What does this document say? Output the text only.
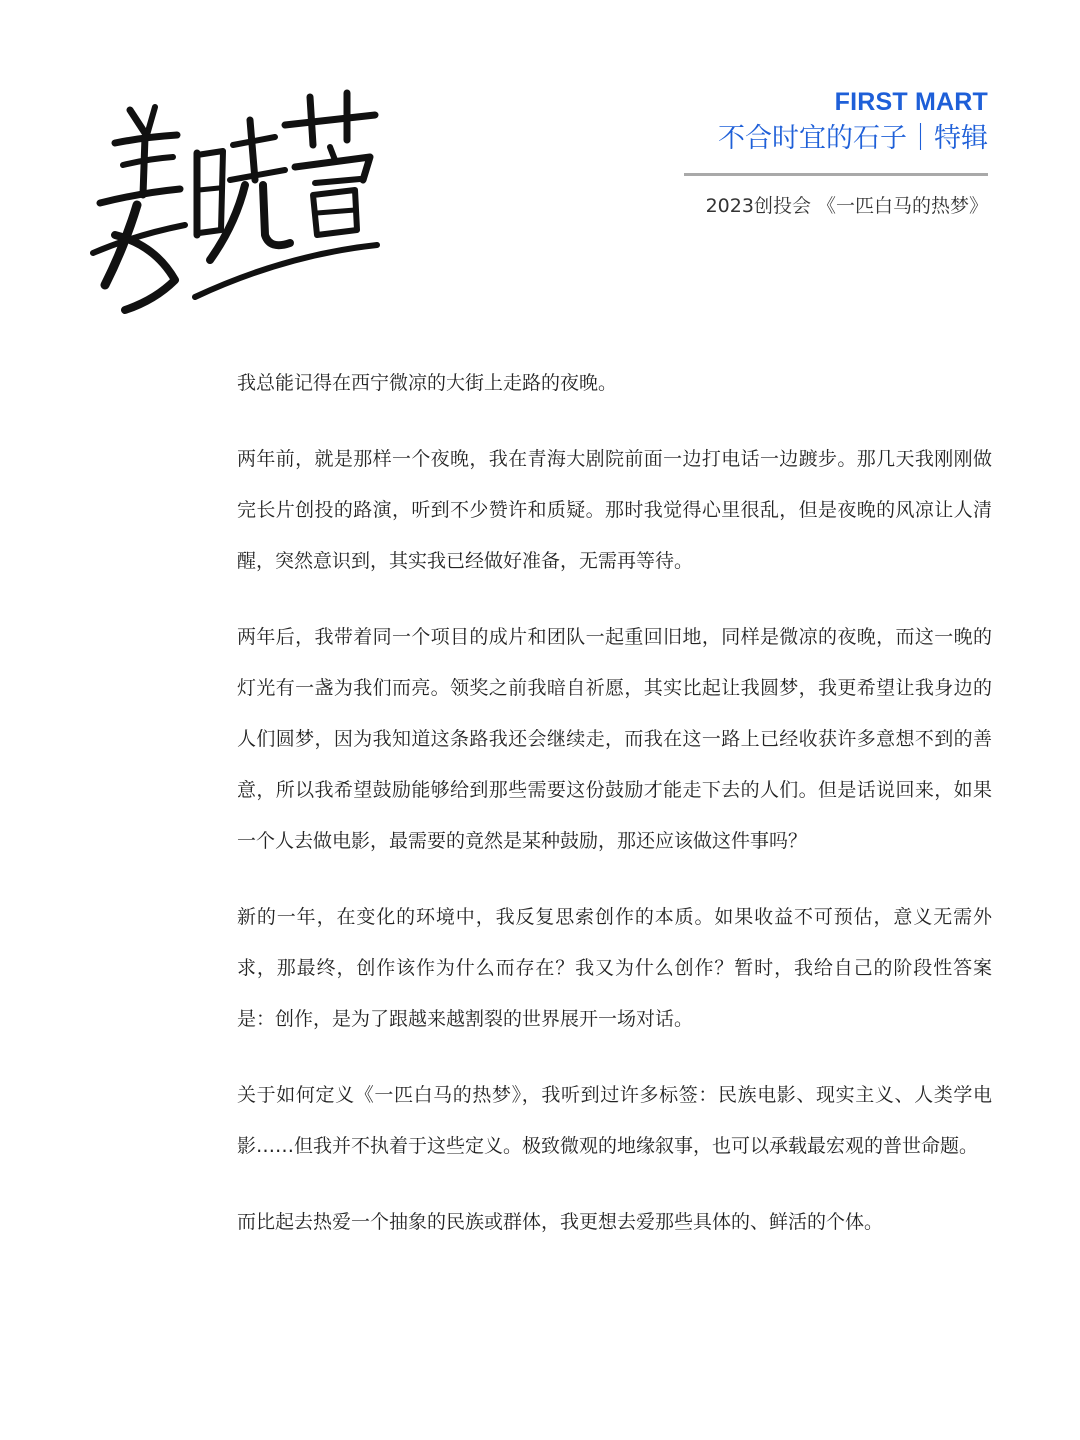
FIRST MART
不合时宜的石子｜特辑
2023创投会 《一匹白马的热梦》

我总能记得在西宁微凉的大街上走路的夜晚。

两年前，就是那样一个夜晚，我在青海大剧院前面一边打电话一边踱步。那几天我刚刚做完长片创投的路演，听到不少赞许和质疑。那时我觉得心里很乱，但是夜晚的风凉让人清醒，突然意识到，其实我已经做好准备，无需再等待。

两年后，我带着同一个项目的成片和团队一起重回旧地，同样是微凉的夜晚，而这一晚的灯光有一盏为我们而亮。领奖之前我暗自祈愿，其实比起让我圆梦，我更希望让我身边的人们圆梦，因为我知道这条路我还会继续走，而我在这一路上已经收获许多意想不到的善意，所以我希望鼓励能够给到那些需要这份鼓励才能走下去的人们。但是话说回来，如果一个人去做电影，最需要的竟然是某种鼓励，那还应该做这件事吗？

新的一年，在变化的环境中，我反复思索创作的本质。如果收益不可预估，意义无需外求，那最终，创作该作为什么而存在？我又为什么创作？暂时，我给自己的阶段性答案是：创作，是为了跟越来越割裂的世界展开一场对话。

关于如何定义《一匹白马的热梦》，我听到过许多标签：民族电影、现实主义、人类学电影……但我并不执着于这些定义。极致微观的地缘叙事，也可以承载最宏观的普世命题。

而比起去热爱一个抽象的民族或群体，我更想去爱那些具体的、鲜活的个体。
